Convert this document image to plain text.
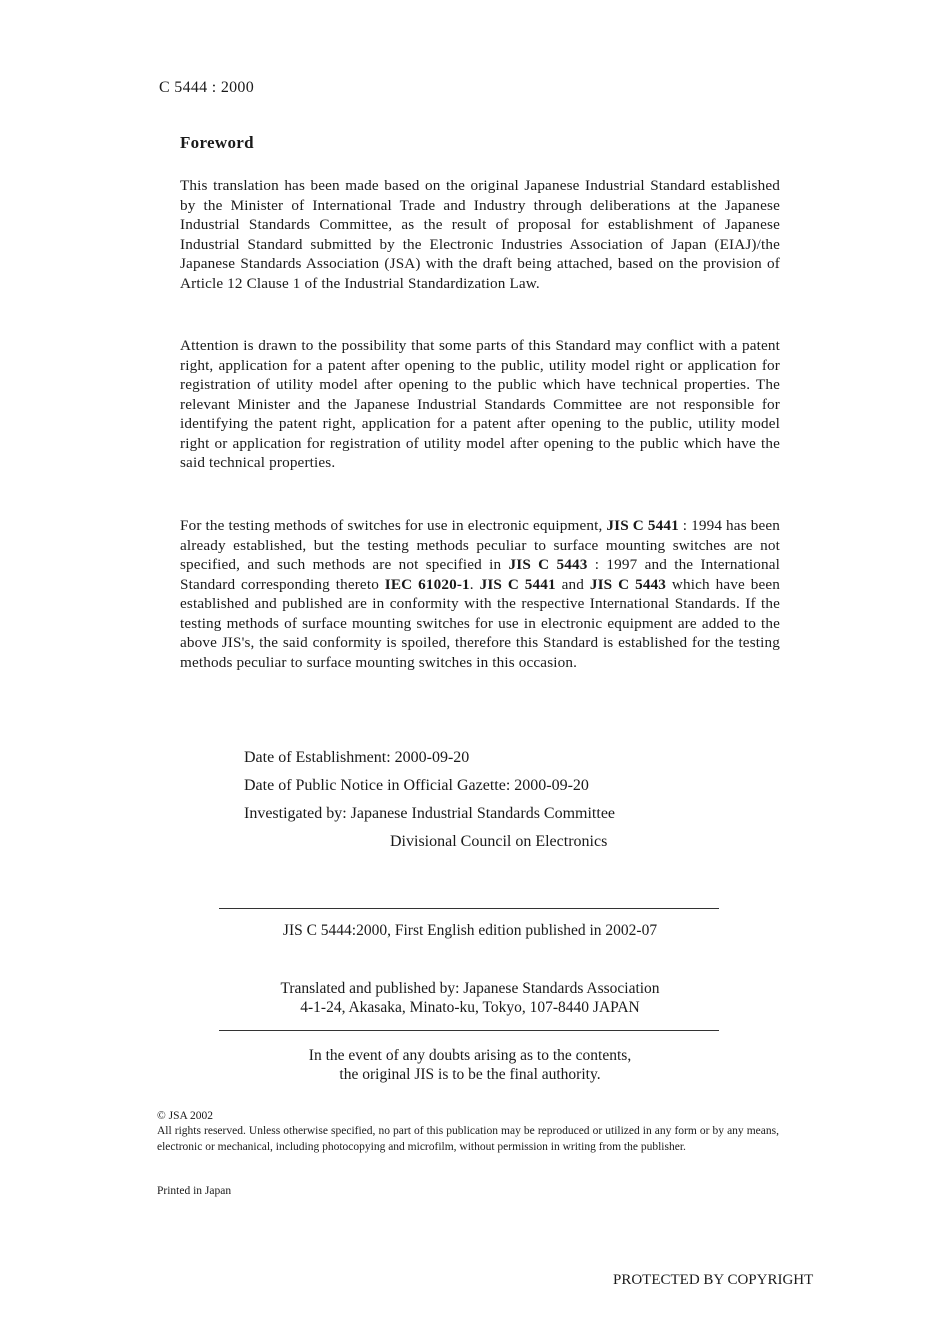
C 5444 : 2000
Foreword
This translation has been made based on the original Japanese Industrial Standard established by the Minister of International Trade and Industry through deliberations at the Japanese Industrial Standards Committee, as the result of proposal for establishment of Japanese Industrial Standard submitted by the Electronic Industries Association of Japan (EIAJ)/the Japanese Standards Association (JSA) with the draft being attached, based on the provision of Article 12 Clause 1 of the Industrial Standardization Law.
Attention is drawn to the possibility that some parts of this Standard may conflict with a patent right, application for a patent after opening to the public, utility model right or application for registration of utility model after opening to the public which have technical properties. The relevant Minister and the Japanese Industrial Standards Committee are not responsible for identifying the patent right, application for a patent after opening to the public, utility model right or application for registration of utility model after opening to the public which have the said technical properties.
For the testing methods of switches for use in electronic equipment, JIS C 5441 : 1994 has been already established, but the testing methods peculiar to surface mounting switches are not specified, and such methods are not specified in JIS C 5443 : 1997 and the International Standard corresponding thereto IEC 61020-1. JIS C 5441 and JIS C 5443 which have been established and published are in conformity with the respective International Standards. If the testing methods of surface mounting switches for use in electronic equipment are added to the above JIS's, the said conformity is spoiled, therefore this Standard is established for the testing methods peculiar to surface mounting switches in this occasion.
Date of Establishment: 2000-09-20
Date of Public Notice in Official Gazette: 2000-09-20
Investigated by: Japanese Industrial Standards Committee
Divisional Council on Electronics
JIS C 5444:2000, First English edition published in 2002-07
Translated and published by: Japanese Standards Association
4-1-24, Akasaka, Minato-ku, Tokyo, 107-8440 JAPAN
In the event of any doubts arising as to the contents,
the original JIS is to be the final authority.
© JSA 2002
All rights reserved. Unless otherwise specified, no part of this publication may be reproduced or utilized in any form or by any means, electronic or mechanical, including photocopying and microfilm, without permission in writing from the publisher.
Printed in Japan
PROTECTED BY COPYRIGHT
